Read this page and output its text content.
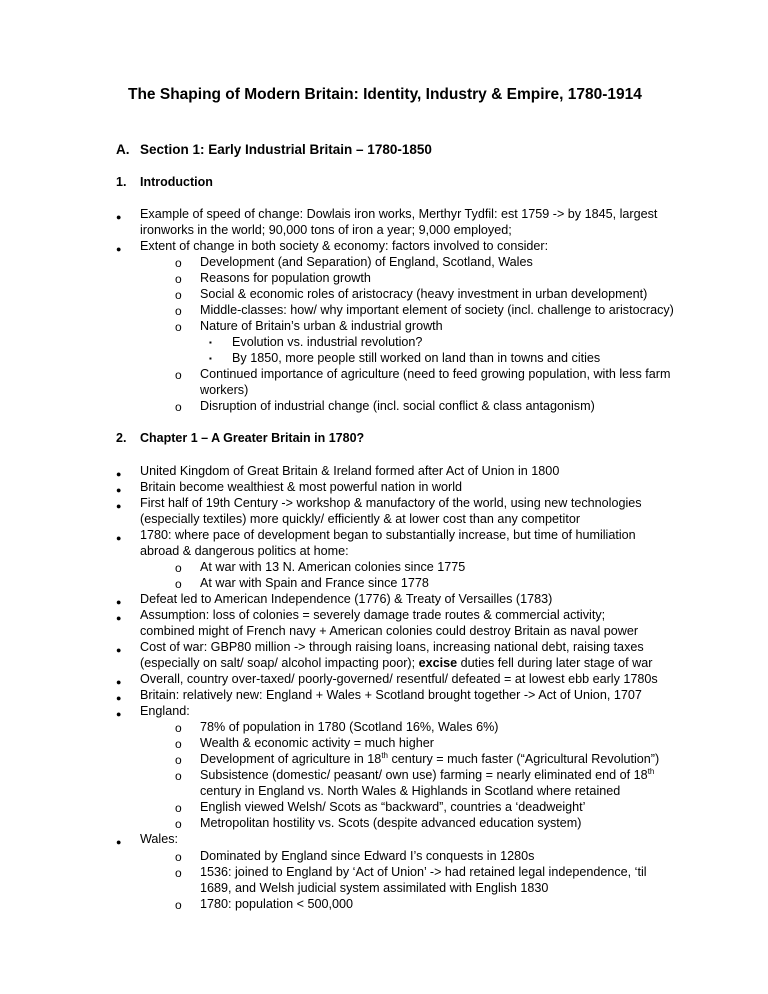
The Shaping of Modern Britain: Identity, Industry & Empire, 1780-1914
A. Section 1: Early Industrial Britain – 1780-1850
1. Introduction
● Example of speed of change: Dowlais iron works, Merthyr Tydfil: est 1759 -> by 1845, largest
ironworks in the world; 90,000 tons of iron a year; 9,000 employed;
● Extent of change in both society & economy: factors involved to consider:
o Development (and Separation) of England, Scotland, Wales
o Reasons for population growth
o Social & economic roles of aristocracy (heavy investment in urban development)
o Middle-classes: how/ why important element of society (incl. challenge to aristocracy)
o Nature of Britain’s urban & industrial growth
▪ Evolution vs. industrial revolution?
▪ By 1850, more people still worked on land than in towns and cities
o Continued importance of agriculture (need to feed growing population, with less farm
workers)
o Disruption of industrial change (incl. social conflict & class antagonism)
2. Chapter 1 – A Greater Britain in 1780?
● United Kingdom of Great Britain & Ireland formed after Act of Union in 1800
● Britain become wealthiest & most powerful nation in world
● First half of 19th Century -> workshop & manufactory of the world, using new technologies
(especially textiles) more quickly/ efficiently & at lower cost than any competitor
● 1780: where pace of development began to substantially increase, but time of humiliation
abroad & dangerous politics at home:
o At war with 13 N. American colonies since 1775
o At war with Spain and France since 1778
● Defeat led to American Independence (1776) & Treaty of Versailles (1783)
● Assumption: loss of colonies = severely damage trade routes & commercial activity;
combined might of French navy + American colonies could destroy Britain as naval power
● Cost of war: GBP80 million -> through raising loans, increasing national debt, raising taxes
(especially on salt/ soap/ alcohol impacting poor); excise duties fell during later stage of war
● Overall, country over-taxed/ poorly-governed/ resentful/ defeated = at lowest ebb early 1780s
● Britain: relatively new: England + Wales + Scotland brought together -> Act of Union, 1707
● England:
o 78% of population in 1780 (Scotland 16%, Wales 6%)
o Wealth & economic activity = much higher
o Development of agriculture in 18th century = much faster (“Agricultural Revolution”)
o Subsistence (domestic/ peasant/ own use) farming = nearly eliminated end of 18th
century in England vs. North Wales & Highlands in Scotland where retained
o English viewed Welsh/ Scots as “backward”, countries a ‘deadweight’
o Metropolitan hostility vs. Scots (despite advanced education system)
● Wales:
o Dominated by England since Edward I’s conquests in 1280s
o 1536: joined to England by ‘Act of Union’ -> had retained legal independence, ‘til
1689, and Welsh judicial system assimilated with English 1830
o 1780: population < 500,000
